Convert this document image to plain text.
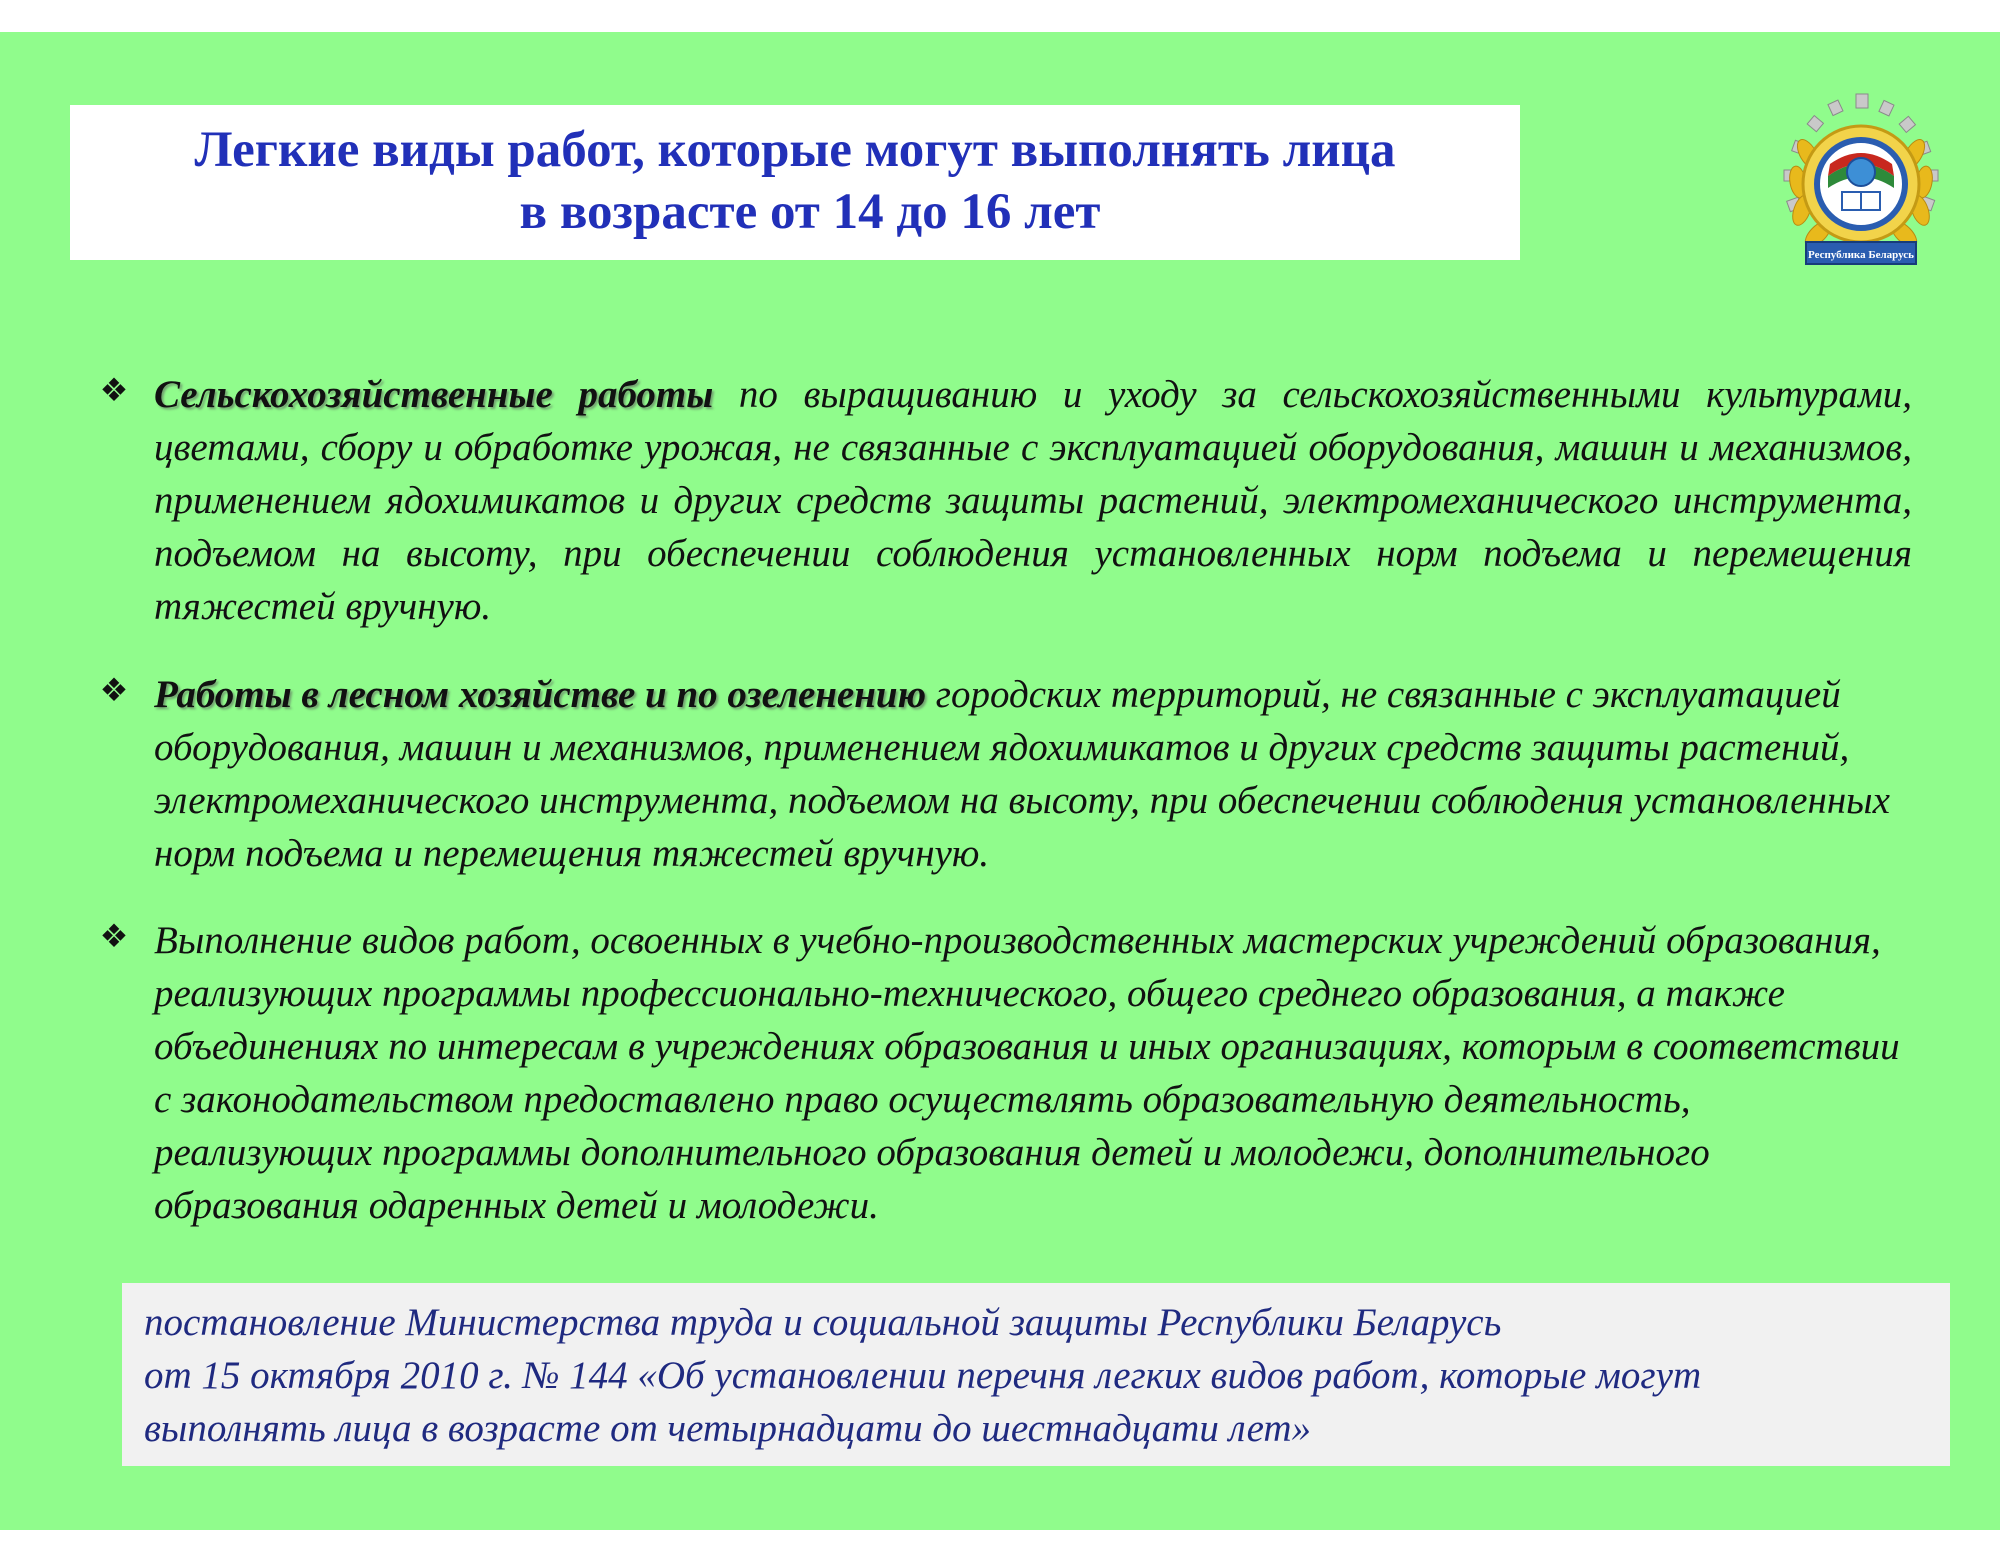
Легкие виды работ, которые могут выполнять лица
в возрасте от 14 до 16 лет
Республика Беларусь
❖ Сельскохозяйственные работы по выращиванию и уходу за сельскохозяйственными культурами, цветами, сбору и обработке урожая, не связанные с эксплуатацией оборудования, машин и механизмов, применением ядохимикатов и других средств защиты растений, электромеханического инструмента, подъемом на высоту, при обеспечении соблюдения установленных норм подъема и перемещения тяжестей вручную.
❖ Работы в лесном хозяйстве и по озеленению городских территорий, не связанные с эксплуатацией оборудования, машин и механизмов, применением ядохимикатов и других средств защиты растений, электромеханического инструмента, подъемом на высоту, при обеспечении соблюдения установленных норм подъема и перемещения тяжестей вручную.
❖ Выполнение видов работ, освоенных в учебно-производственных мастерских учреждений образования, реализующих программы профессионально-технического, общего среднего образования, а также объединениях по интересам в учреждениях образования и иных организациях, которым в соответствии с законодательством предоставлено право осуществлять образовательную деятельность, реализующих программы дополнительного образования детей и молодежи, дополнительного образования одаренных детей и молодежи.
постановление Министерства труда и социальной защиты Республики Беларусь
от 15 октября 2010 г. № 144 «Об установлении перечня легких видов работ, которые могут
выполнять лица в возрасте от четырнадцати до шестнадцати лет»
